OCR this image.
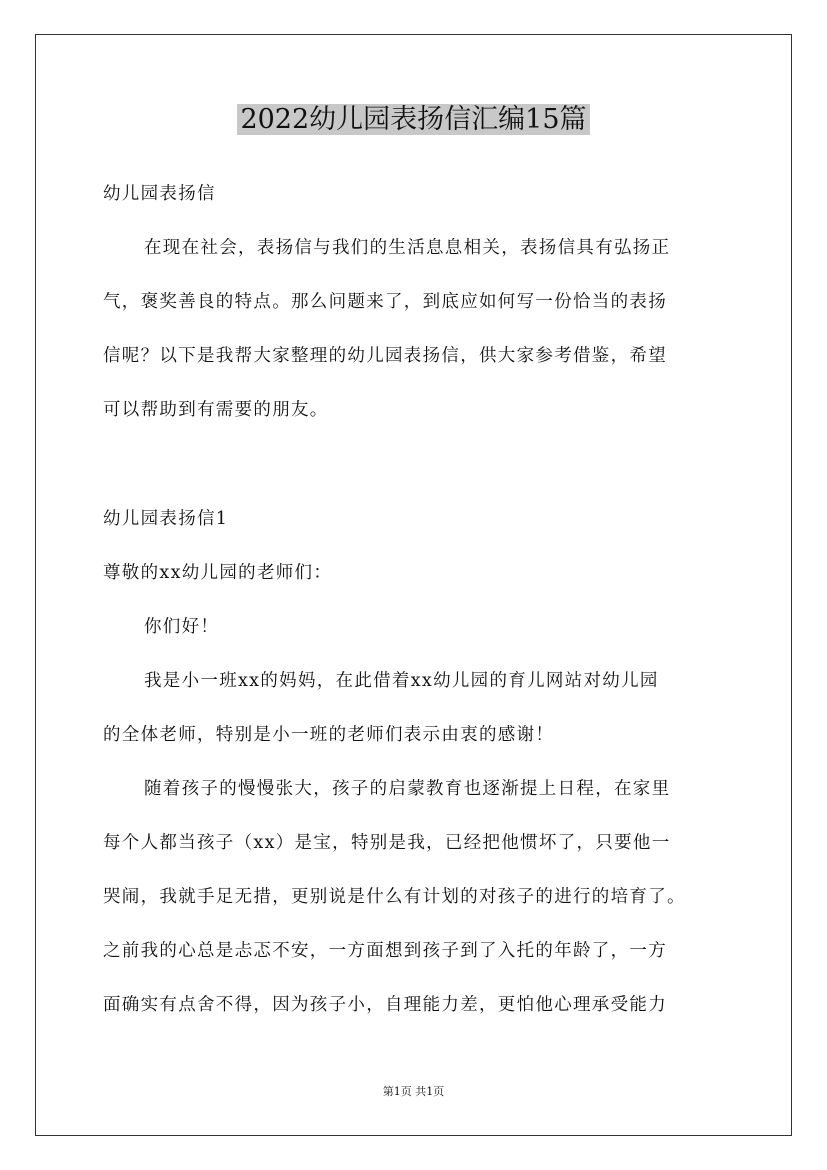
2022幼儿园表扬信汇编15篇
幼儿园表扬信
在现在社会，表扬信与我们的生活息息相关，表扬信具有弘扬正
气，褒奖善良的特点。那么问题来了，到底应如何写一份恰当的表扬
信呢？以下是我帮大家整理的幼儿园表扬信，供大家参考借鉴，希望
可以帮助到有需要的朋友。
幼儿园表扬信1
尊敬的xx幼儿园的老师们：
你们好！
我是小一班xx的妈妈，在此借着xx幼儿园的育儿网站对幼儿园
的全体老师，特别是小一班的老师们表示由衷的感谢！
随着孩子的慢慢张大，孩子的启蒙教育也逐渐提上日程，在家里
每个人都当孩子（xx）是宝，特别是我，已经把他惯坏了，只要他一
哭闹，我就手足无措，更别说是什么有计划的对孩子的进行的培育了。
之前我的心总是忐忑不安，一方面想到孩子到了入托的年龄了，一方
面确实有点舍不得，因为孩子小，自理能力差，更怕他心理承受能力
第1页 共1页
